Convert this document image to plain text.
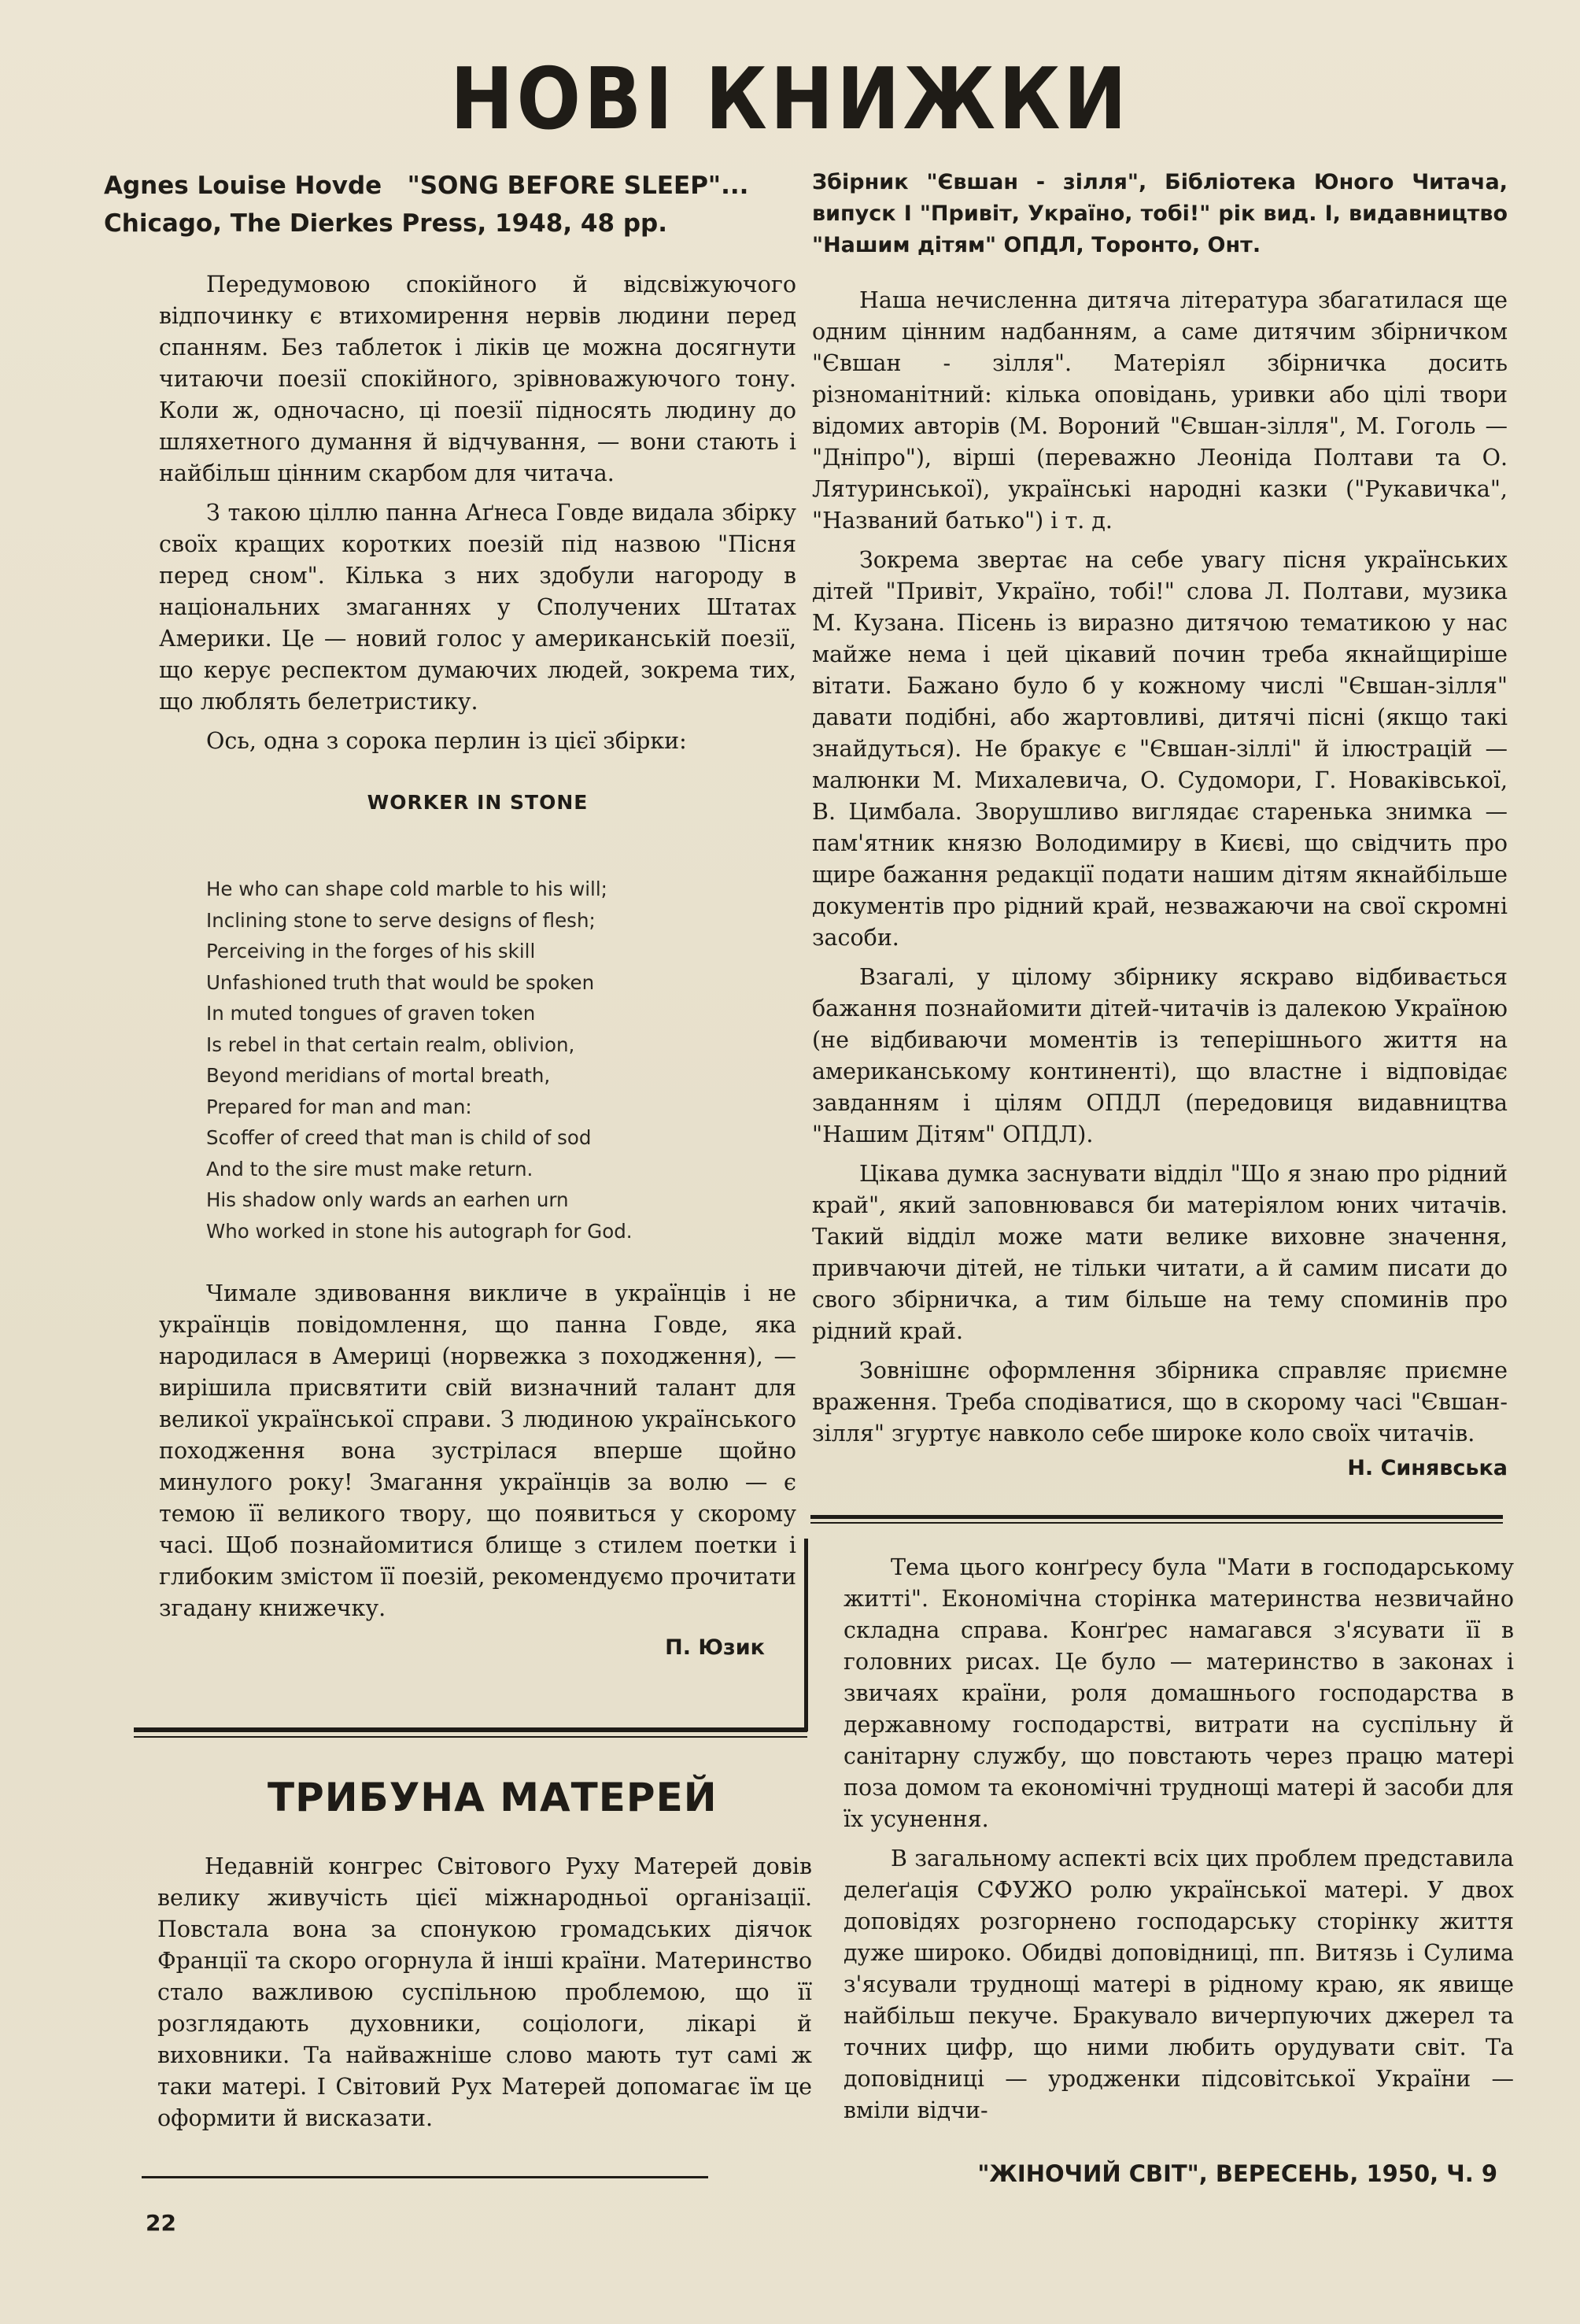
НОВІ КНИЖКИ
Agnes Louise Hovde   "SONG BEFORE SLEEP"...
Chicago, The Dierkes Press, 1948, 48 pp.

Передумовою спокійного й відсвіжуючого відпочинку є втихомирення нервів людини перед спанням. Без таблеток і ліків це можна досягнути читаючи поезії спокійного, зрівноважуючого тону. Коли ж, одночасно, ці поезії підносять людину до шляхетного думання й відчування, — вони стають і найбільш цінним скарбом для читача.

З такою ціллю панна Аґнеса Говде видала збірку своїх кращих коротких поезій під назвою "Пісня перед сном". Кілька з них здобули нагороду в національних змаганнях у Сполучених Штатах Америки. Це — новий голос у американській поезії, що керує респектом думаючих людей, зокрема тих, що люблять белетристику.

Ось, одна з сорока перлин із цієї збірки:

WORKER IN STONE
He who can shape cold marble to his will;
Inclining stone to serve designs of flesh;
Perceiving in the forges of his skill
Unfashioned truth that would be spoken
In muted tongues of graven token
Is rebel in that certain realm, oblivion,
Beyond meridians of mortal breath,
Prepared for man and man:
Scoffer of creed that man is child of sod
And to the sire must make return.
His shadow only wards an earhen urn
Who worked in stone his autograph for God.

Чимале здивовання викличе в українців і не українців повідомлення, що панна Говде, яка народилася в Америці (норвежка з походження), — вирішила присвятити свій визначний талант для великої української справи. З людиною українського походження вона зустрілася вперше щойно минулого року! Змагання українців за волю — є темою її великого твору, що появиться у скорому часі. Щоб познайомитися блище з стилем поетки і глибоким змістом її поезій, рекомендуємо прочитати згадану книжечку.

П. Юзик
Збірник "Євшан - зілля", Бібліотека Юного Читача, випуск І "Привіт, Україно, тобі!" рік вид. І, видавництво "Нашим дітям" ОПДЛ, Торонто, Онт.

Наша нечисленна дитяча література збагатилася ще одним цінним надбанням, а саме дитячим збірничком "Євшан - зілля". Матеріял збірничка досить різноманітний: кілька оповідань, уривки або цілі твори відомих авторів (М. Вороний "Євшан-зілля", М. Гоголь — "Дніпро"), вірші (переважно Леоніда Полтави та О. Лятуринської), українські народні казки ("Рукавичка", "Названий батько") і т. д.

Зокрема звертає на себе увагу пісня українських дітей "Привіт, Україно, тобі!" слова Л. Полтави, музика М. Кузана. Пісень із виразно дитячою тематикою у нас майже нема і цей цікавий почин треба якнайщиріше вітати. Бажано було б у кожному числі "Євшан-зілля" давати подібні, або жартовливі, дитячі пісні (якщо такі знайдуться). Не бракує є "Євшан-зіллі" й ілюстрацій — малюнки М. Михалевича, О. Судомори, Г. Новаківської, В. Цимбала. Зворушливо виглядає старенька знимка — пам'ятник князю Володимиру в Києві, що свідчить про щире бажання редакції подати нашим дітям якнайбільше документів про рідний край, незважаючи на свої скромні засоби.

Взагалі, у цілому збірнику яскраво відбивається бажання познайомити дітей-читачів із далекою Україною (не відбиваючи моментів із теперішнього життя на американському континенті), що властне і відповідає завданням і цілям ОПДЛ (передовиця видавництва "Нашим Дітям" ОПДЛ).

Цікава думка заснувати відділ "Що я знаю про рідний край", який заповнювався би матеріялом юних читачів. Такий відділ може мати велике виховне значення, привчаючи дітей, не тільки читати, а й самим писати до свого збірничка, а тим більше на тему споминів про рідний край.

Зовнішнє оформлення збірника справляє приємне враження. Треба сподіватися, що в скорому часі "Євшан-зілля" згуртує навколо себе широке коло своїх читачів.

Н. Синявська
ТРИБУНА МАТЕРЕЙ

Недавній конгрес Світового Руху Матерей довів велику живучість цієї міжнародньої організації. Повстала вона за спонукою громадських діячок Франції та скоро огорнула й інші країни. Материнство стало важливою суспільною проблемою, що її розглядають духовники, соціологи, лікарі й виховники. Та найважніше слово мають тут самі ж таки матері. І Світовий Рух Матерей допомагає їм це оформити й висказати.

Тема цього конґресу була "Мати в господарському житті". Економічна сторінка материнства незвичайно складна справа. Конґрес намагався з'ясувати її в головних рисах. Це було — материнство в законах і звичаях країни, роля домашнього господарства в державному господарстві, витрати на суспільну й санітарну службу, що повстають через працю матері поза домом та економічні труднощі матері й засоби для їх усунення.

В загальному аспекті всіх цих проблем представила делеґація СФУЖО ролю української матері. У двох доповідях розгорнено господарську сторінку життя дуже широко. Обидві доповідниці, пп. Витязь і Сулима з'ясували труднощі матері в рідному краю, як явище найбільш пекуче. Бракувало вичерпуючих джерел та точних цифр, що ними любить орудувати світ. Та доповідниці — уродженки підсовітської України — вміли відчи-

"ЖІНОЧИЙ СВІТ", ВЕРЕСЕНЬ, 1950, Ч. 9
22
